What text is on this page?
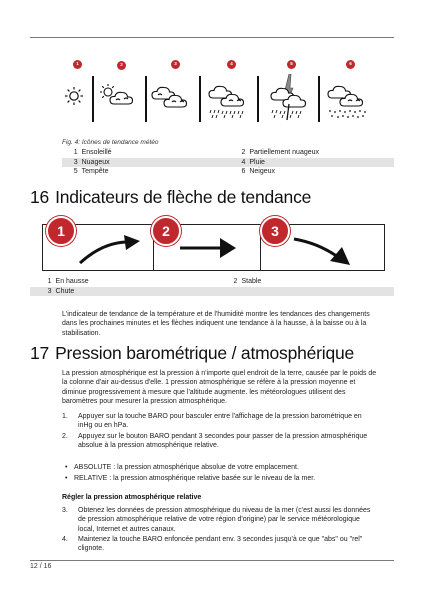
1	2	3	4	5	6
Fig. 4: Icônes de tendance météo
1	Ensoleillé	2	Partiellement nuageux
3	Nuageux	4	Pluie
5	Tempête	6	Neigeux
16 Indicateurs de flèche de tendance
1	2	3
1	En hausse	2	Stable
3	Chute		
L'indicateur de tendance de la température et de l'humidité montre les tendances des changements dans les prochaines minutes et les flèches indiquent une tendance à la hausse, à la baisse ou à la stabilisation.
17 Pression barométrique / atmosphérique
La pression atmosphérique est la pression à n'importe quel endroit de la terre, causée par le poids de la colonne d'air au-dessus d'elle. 1 pression atmosphérique se réfère à la pression moyenne et diminue progressivement à mesure que l'altitude augmente. les météorologues utilisent des baromètres pour mesurer la pression atmosphérique.
1. Appuyer sur la touche BARO pour basculer entre l'affichage de la pression barométrique en inHg ou en hPa.
2. Appuyez sur le bouton BARO pendant 3 secondes pour passer de la pression atmosphérique absolue à la pression atmosphérique relative.
• ABSOLUTE : la pression atmosphérique absolue de votre emplacement.
• RELATIVE : la pression atmosphérique relative basée sur le niveau de la mer.
Régler la pression atmosphérique relative
3. Obtenez les données de pression atmosphérique du niveau de la mer (c'est aussi les données de pression atmosphérique relative de votre région d'origine) par le service météorologique local, Internet et autres canaux.
4. Maintenez la touche BARO enfoncée pendant env. 3 secondes jusqu'à ce que "abs" ou "rel" clignote.
12 / 16
